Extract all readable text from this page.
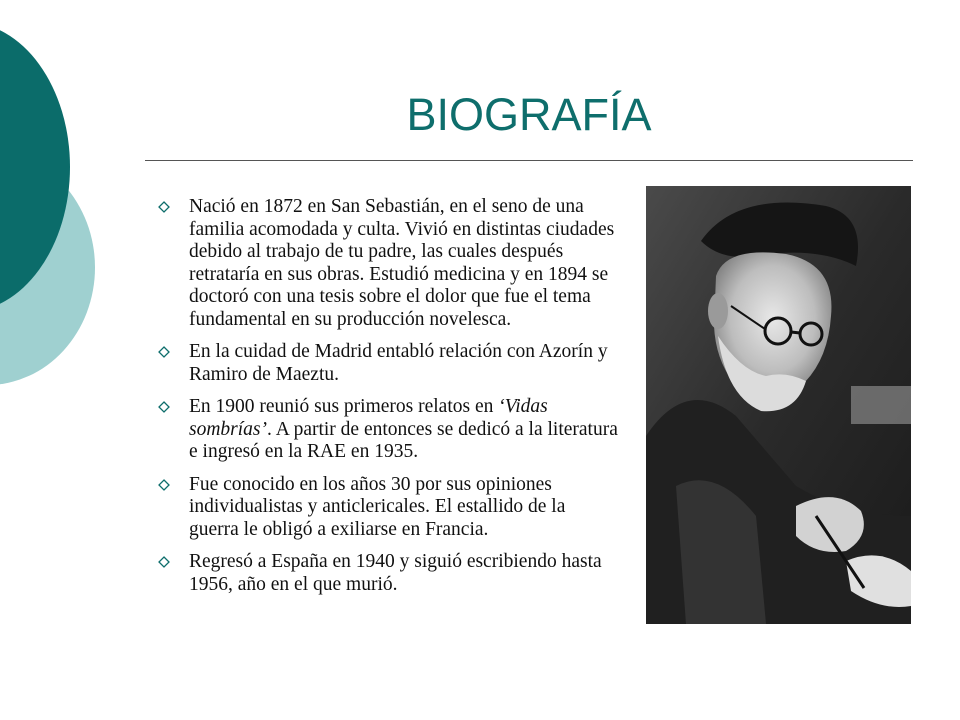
BIOGRAFÍA
Nació en 1872 en San Sebastián, en el seno de una familia acomodada y culta. Vivió en distintas ciudades debido al trabajo de tu padre, las cuales después retrataría en sus obras. Estudió medicina y en 1894 se doctoró con una tesis sobre el dolor que fue el tema fundamental en su producción novelesca.
En la cuidad de Madrid entabló relación con Azorín y Ramiro de Maeztu.
En 1900 reunió sus primeros relatos en ‘Vidas sombrías’. A partir de entonces se dedicó a la literatura e ingresó en la RAE en 1935.
Fue conocido en los años 30 por sus opiniones individualistas y anticlericales. El estallido de la guerra le obligó a exiliarse en Francia.
Regresó a España en 1940 y siguió escribiendo hasta 1956, año en el que murió.
